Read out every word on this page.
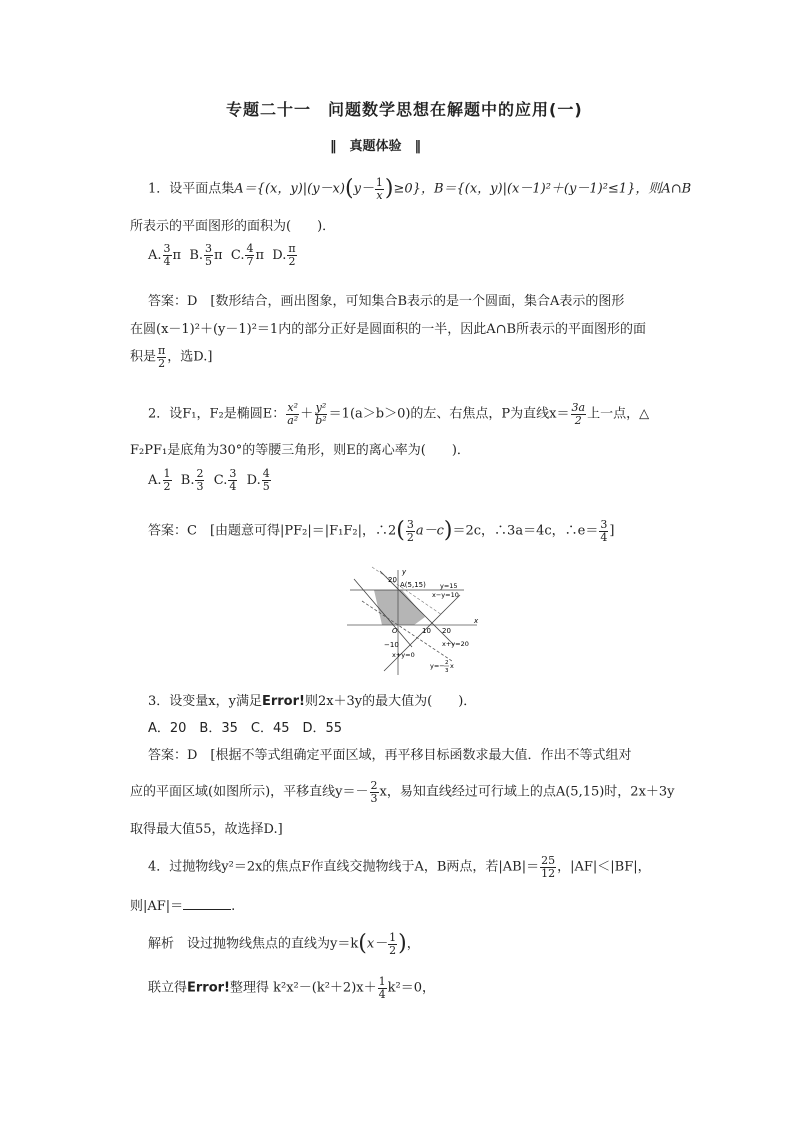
专题二十一　问题数学思想在解题中的应用(一)
‖　真题体验　‖
1．设平面点集A＝{(x，$y)|(y-x)(y- \frac{1}{x} )\ge 0$}，B＝{(x，y)|(x－1)²＋(y－1)²≤1}，则A∩B
所表示的平面图形的面积为(　　)．
A. $\frac{3}{4}$ π B. $\frac{3}{5}$ π C. $\frac{4}{7}$ π D. $\frac{\pi}{2}$
答案：D　[数形结合，画出图象，可知集合B表示的是一个圆面，集合A表示的图形
在圆(x－1)²＋(y－1)²＝1内的部分正好是圆面积的一半，因此A∩B所表示的平面图形的面
积是 $\frac{\pi}{2}$ ，选D.]
2．设F₁，F₂是椭圆E： $\frac{\text{x²}}{\text{a²}} + \frac{\text{y²}}{\text{b²}} =1(a>b>0)$的左、右焦点，P为直线$x= \frac{3a}{2}$ 上一点，△
F₂PF₁是底角为30°的等腰三角形，则E的离心率为(　　)．
A. $\frac{1}{2} B$. $\frac{2}{3} C$. $\frac{3}{4} D$. $\frac{4}{5}$
答案：C　[由题意可得|PF₂|＝|F₁F₂|，∴2( $\frac{3}{2} a-c)=2c$，∴3a＝4c，∴e＝ $\frac{3}{4}$ ]
y
x
20
A(5,15) y=15
x−y=10
O	10 20
−10	x+y=20
x+y=0
y=− 2
3
x
3．设变量x，y满足Error!则2x＋3y的最大值为(　　)．
A．20　B．35　C．45　D．55
答案：D　[根据不等式组确定平面区域，再平移目标函数求最大值．作出不等式组对
应的平面区域(如图所示)，平移直线$y=- \frac{2}{3}$ x，易知直线经过可行域上的点A(5,15)时，2x＋3y
取得最大值55，故选择D.]
4．过抛物线y²＝2x的焦点F作直线交抛物线于A，B两点，若$|AB|= \frac{25}{12}$ ，|AF|＜|BF|，
则|AF|＝	.
解析　设过抛物线焦点的直线为$y=k(x- \frac{1}{2}$ )，
联立得Error!整理得 $k^2x^2-(k^2+2)x+ \frac{1}{4} k^2=0$，
